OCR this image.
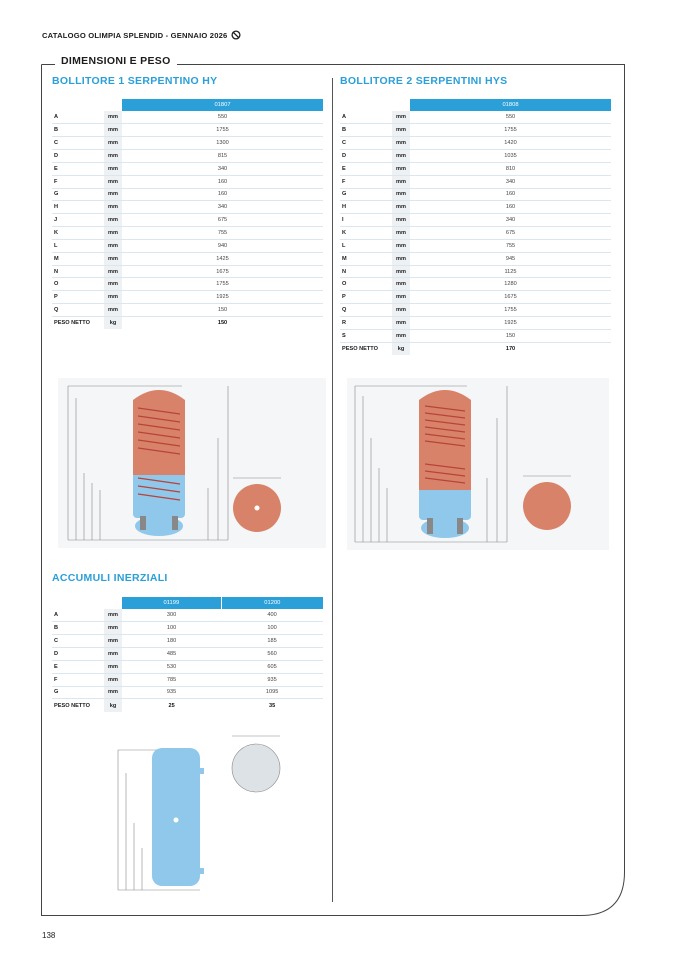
CATALOGO OLIMPIA SPLENDID - GENNAIO 2026
DIMENSIONI E PESO
BOLLITORE 1 SERPENTINO HY
		01807
A	mm	550
B	mm	1755
C	mm	1300
D	mm	815
E	mm	340
F	mm	160
G	mm	160
H	mm	340
J	mm	675
K	mm	755
L	mm	940
M	mm	1425
N	mm	1675
O	mm	1755
P	mm	1925
Q	mm	150
PESO NETTO	kg	150
BOLLITORE 2 SERPENTINI HYS
		01808
A	mm	550
B	mm	1755
C	mm	1420
D	mm	1035
E	mm	810
F	mm	340
G	mm	160
H	mm	160
I	mm	340
K	mm	675
L	mm	755
M	mm	945
N	mm	1125
O	mm	1280
P	mm	1675
Q	mm	1755
R	mm	1925
S	mm	150
PESO NETTO	kg	170
ACCUMULI INERZIALI
		01199	01200
A	mm	300	400
B	mm	100	100
C	mm	180	185
D	mm	485	560
E	mm	530	605
F	mm	785	935
G	mm	935	1095
PESO NETTO	kg	25	35
138
